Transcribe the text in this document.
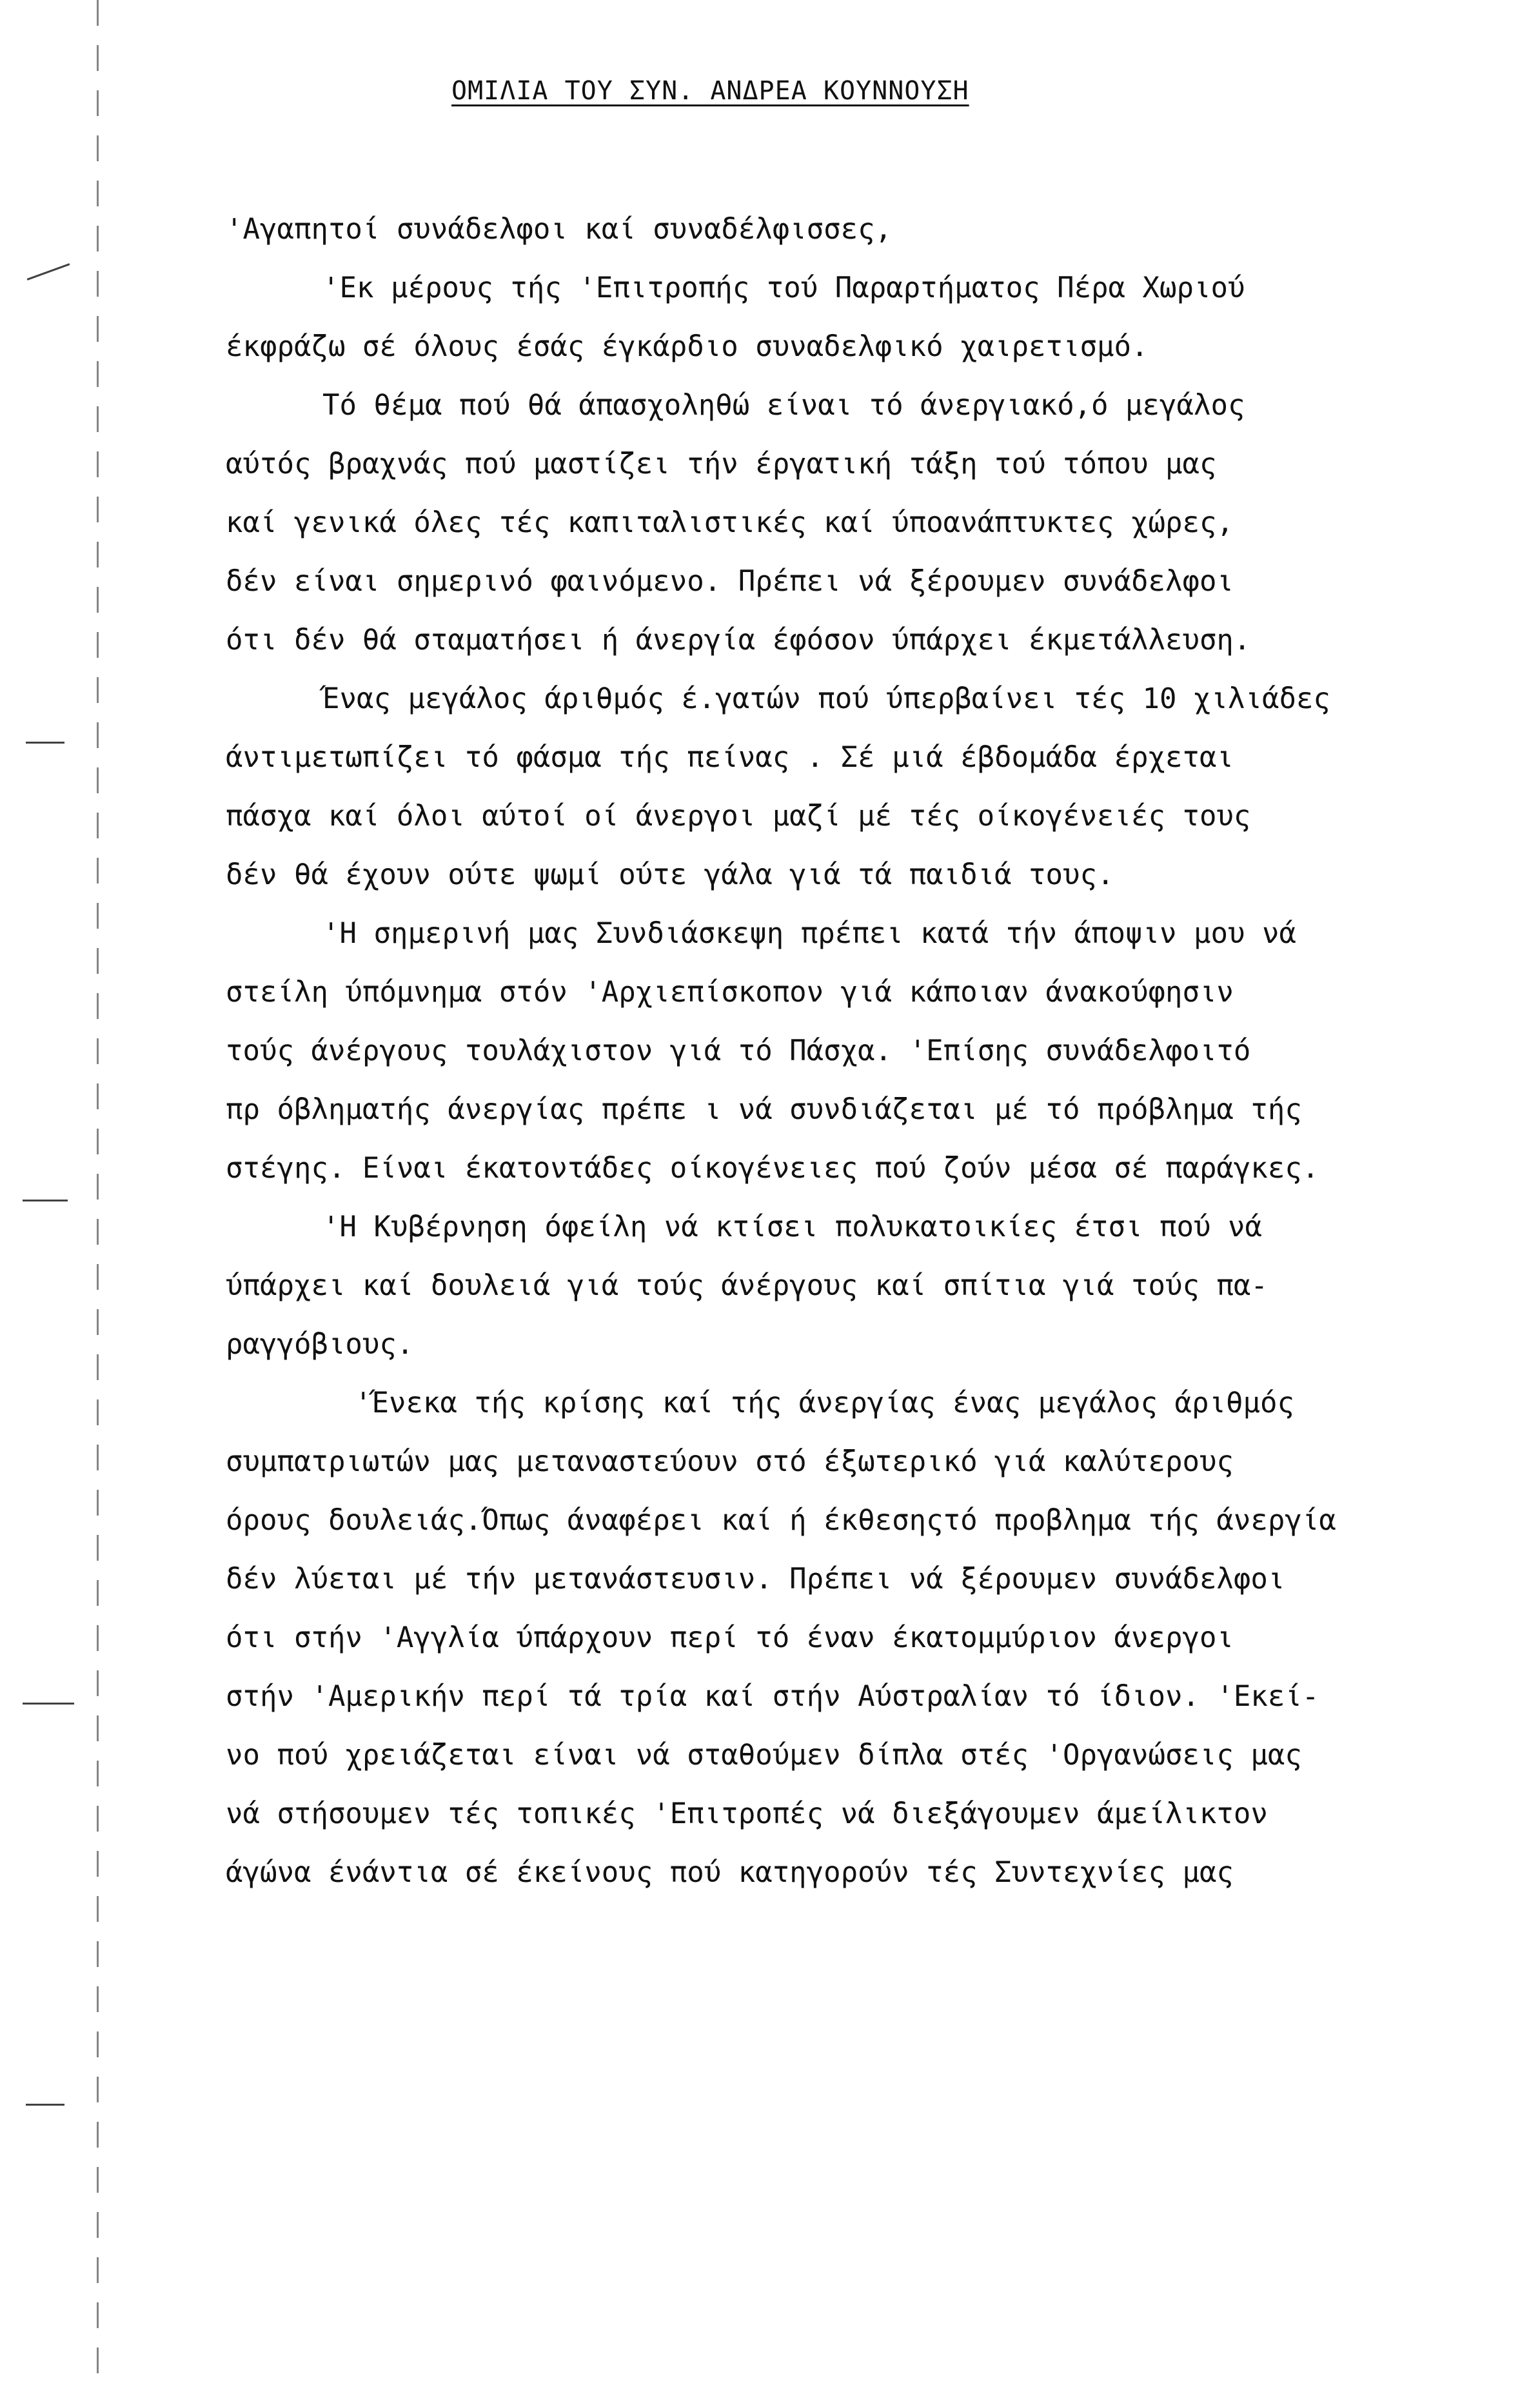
ΟΜΙΛΙΑ ΤΟΥ ΣΥΝ. ΑΝΔΡΕΑ ΚΟΥΝΝΟΥΣΗ
'Αγαπητοί συνάδελφοι καί συναδέλφισσες,
'Εκ μέρους τής 'Επιτροπής τού Παραρτήματος Πέρα Χωριού
έκφράζω σέ όλους έσάς έγκάρδιο συναδελφικό χαιρετισμό.
Τό θέμα πού θά άπασχοληθώ είναι τό άνεργιακό,ό μεγάλος
αύτός βραχνάς πού μαστίζει τήν έργατική τάξη τού τόπου μας
καί γενικά όλες τές καπιταλιστικές καί ύποανάπτυκτες χώρες,
δέν είναι σημερινό φαινόμενο. Πρέπει νά ξέρουμεν συνάδελφοι
ότι δέν θά σταματήσει ή άνεργία έφόσον ύπάρχει έκμετάλλευση.
Ένας μεγάλος άριθμός έ.γατών πού ύπερβαίνει τές 10 χιλιάδες
άντιμετωπίζει τό φάσμα τής πείνας . Σέ μιά έβδομάδα έρχεται
πάσχα καί όλοι αύτοί οί άνεργοι μαζί μέ τές οίκογένειές τους
δέν θά έχουν ούτε ψωμί ούτε γάλα γιά τά παιδιά τους.
'Η σημερινή μας Συνδιάσκεψη πρέπει κατά τήν άποψιν μου νά
στείλη ύπόμνημα στόν 'Αρχιεπίσκοπον γιά κάποιαν άνακούφησιν
τούς άνέργους τουλάχιστον γιά τό Πάσχα. 'Επίσης συνάδελφοιτό
πρ όβληματής άνεργίας πρέπε ι νά συνδιάζεται μέ τό πρόβλημα τής
στέγης. Είναι έκατοντάδες οίκογένειες πού ζούν μέσα σέ παράγκες.
'Η Κυβέρνηση όφείλη νά κτίσει πολυκατοικίες έτσι πού νά
ύπάρχει καί δουλειά γιά τούς άνέργους καί σπίτια γιά τούς πα-
ραγγόβιους.
'Ένεκα τής κρίσης καί τής άνεργίας ένας μεγάλος άριθμός
συμπατριωτών μας μεταναστεύουν στό έξωτερικό γιά καλύτερους
όρους δουλειάς.Όπως άναφέρει καί ή έκθεσηςτό προβλημα τής άνεργία
δέν λύεται μέ τήν μετανάστευσιν. Πρέπει νά ξέρουμεν συνάδελφοι
ότι στήν 'Αγγλία ύπάρχουν περί τό έναν έκατομμύριον άνεργοι
στήν 'Αμερικήν περί τά τρία καί στήν Αύστραλίαν τό ίδιον. 'Εκεί-
νο πού χρειάζεται είναι νά σταθούμεν δίπλα στές 'Οργανώσεις μας
νά στήσουμεν τές τοπικές 'Επιτροπές νά διεξάγουμεν άμείλικτον
άγώνα ένάντια σέ έκείνους πού κατηγορούν τές Συντεχνίες μας
